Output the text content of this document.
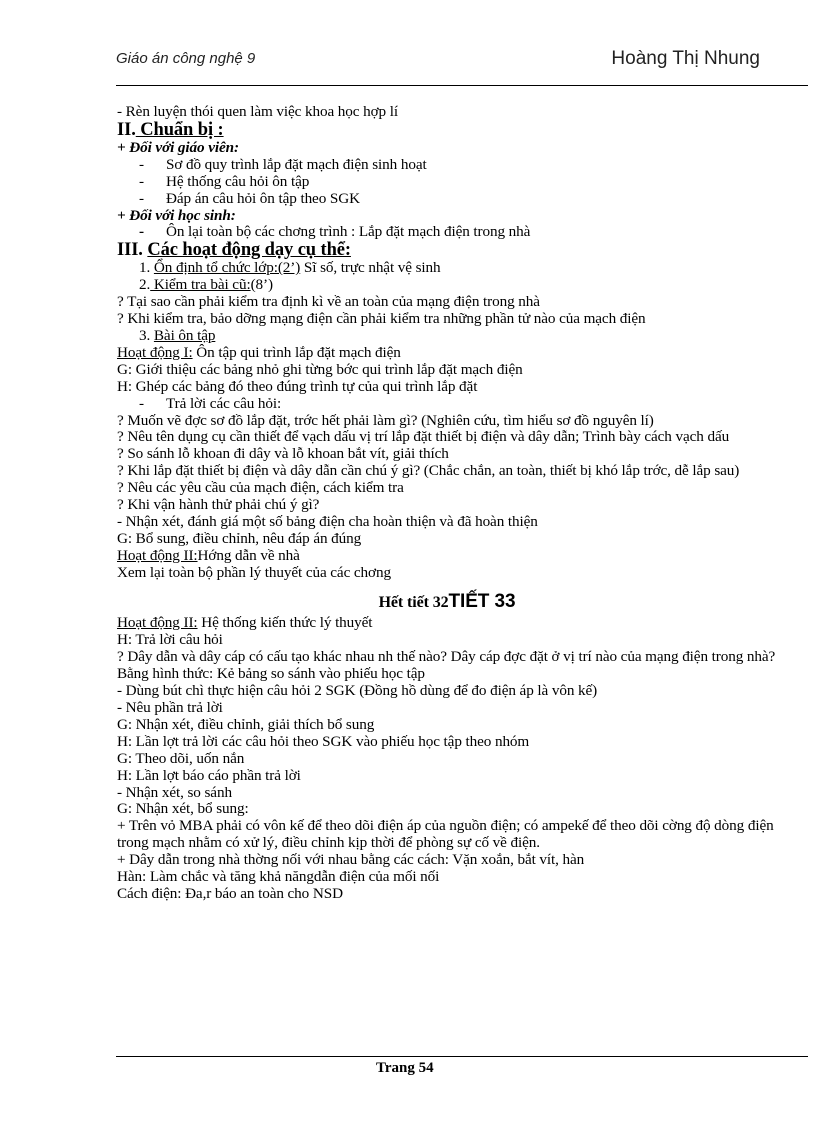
Giáo án công nghệ 9	Hoàng Thị Nhung

- Rèn luyện thói quen làm việc khoa học hợp lí

II. Chuẩn bị :

+ Đối với giáo viên:

- Sơ đồ quy trình lắp đặt mạch điện sinh hoạt

- Hệ thống câu hỏi ôn tập

- Đáp án câu hỏi ôn tập theo SGK

+ Đối với học sinh:

- Ôn lại toàn bộ các chơng trình : Lắp đặt mạch điện trong nhà

III. Các hoạt động dạy cụ thể:

1. Ổn định tổ chức lớp:(2’) Sĩ số, trực nhật vệ sinh

2. Kiểm tra bài cũ:(8’)

? Tại sao cần phải kiểm tra định kì về an toàn của mạng điện trong nhà

? Khi kiểm tra, bảo dỡng mạng điện cần phải kiểm tra những phần tử nào của mạch điện

3. Bài ôn tập

Hoạt động I: Ôn tập qui trình lắp đặt mạch điện

G: Giới thiệu các bảng nhỏ ghi từng bớc qui trình lắp đặt mạch điện

H: Ghép các bảng đó theo đúng trình tự của qui trình lắp đặt

- Trả lời các câu hỏi:

? Muốn vẽ đợc sơ đồ lắp đặt, trớc hết phải làm gì? (Nghiên cứu, tìm hiểu sơ đồ nguyên lí)

? Nêu tên dụng cụ cần thiết để vạch dấu vị trí lắp đặt thiết bị điện và dây dẫn; Trình bày cách vạch dấu

? So sánh lỗ khoan đi dây và lỗ khoan bắt vít, giải thích

? Khi lắp đặt thiết bị điện và dây dẫn cần chú ý gì? (Chắc chắn, an toàn, thiết bị khó lắp trớc, dễ lắp sau)

? Nêu các yêu cầu của mạch điện, cách kiểm tra

? Khi vận hành thử phải chú ý gì?

- Nhận xét, đánh giá một số bảng điện cha hoàn thiện và đã hoàn thiện

G: Bổ sung, điều chỉnh, nêu đáp án đúng

Hoạt động II:Hớng dẫn về nhà

Xem lại toàn bộ phần lý thuyết của các chơng

Hết tiết 32TIẾT 33

Hoạt động II: Hệ thống kiến thức lý thuyết

H: Trả lời câu hỏi

? Dây dẫn và dây cáp có cấu tạo khác nhau nh thế nào? Dây cáp đợc đặt ở vị trí nào của mạng điện trong nhà?

Bằng hình thức: Kẻ bảng so sánh vào phiếu học tập

- Dùng bút chì thực hiện câu hỏi 2 SGK (Đồng hồ dùng để đo điện áp là vôn kế)

- Nêu phần trả lời

G: Nhận xét, điều chỉnh, giải thích bổ sung

H: Lần lợt trả lời các câu hỏi theo SGK vào phiếu học tập theo nhóm

G: Theo dõi, uốn nắn

H: Lần lợt báo cáo phần trả lời

- Nhận xét, so sánh

G: Nhận xét, bổ sung:

+ Trên vỏ MBA phải có vôn kế để theo dõi điện áp của nguồn điện; có ampekế để theo dõi cờng độ dòng điện trong mạch nhằm có xử lý, điều chỉnh kịp thời để phòng sự cố về điện.

+ Dây dẫn trong nhà thờng nối với nhau bằng các cách: Vặn xoắn, bắt vít, hàn

Hàn: Làm chắc và tăng khả năngdẫn điện của mối nối

Cách điện: Đa,r báo an toàn cho NSD

Trang 54
